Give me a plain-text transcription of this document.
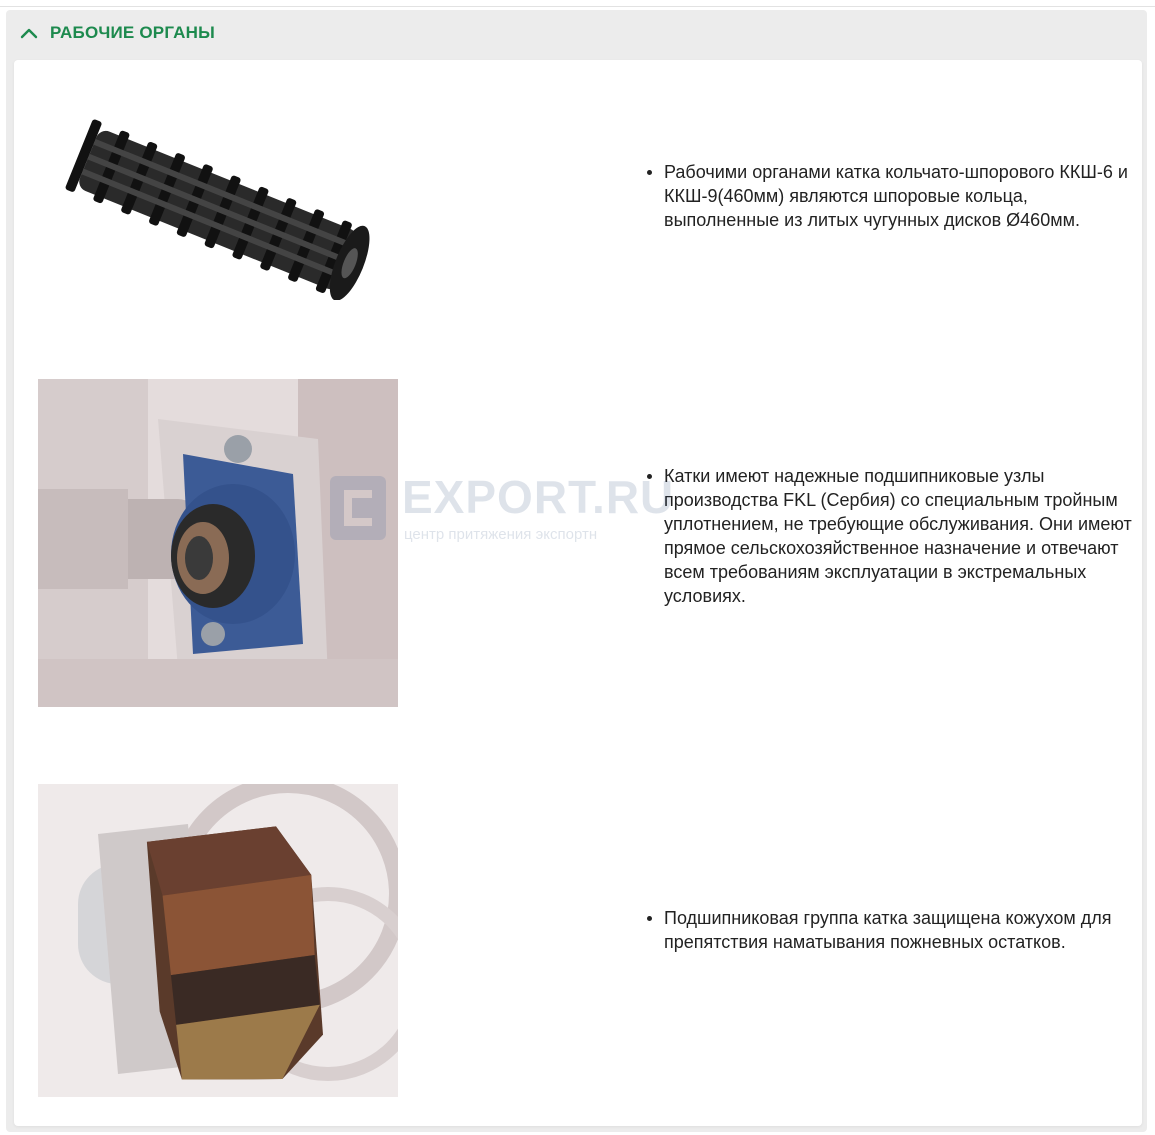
РАБОЧИЕ ОРГАНЫ
Рабочими органами катка кольчато-шпорового ККШ-6 и ККШ-9(460мм) являются шпоровые кольца, выполненные из литых чугунных дисков Ø460мм.
Катки имеют надежные подшипниковые узлы производства FKL (Сербия) со специальным тройным уплотнением, не требующие обслуживания. Они имеют прямое сельскохозяйственное назначение и отвечают всем требованиям эксплуатации в экстремальных условиях.
Подшипниковая группа катка защищена кожухом для препятствия наматывания пожневных остатков.
